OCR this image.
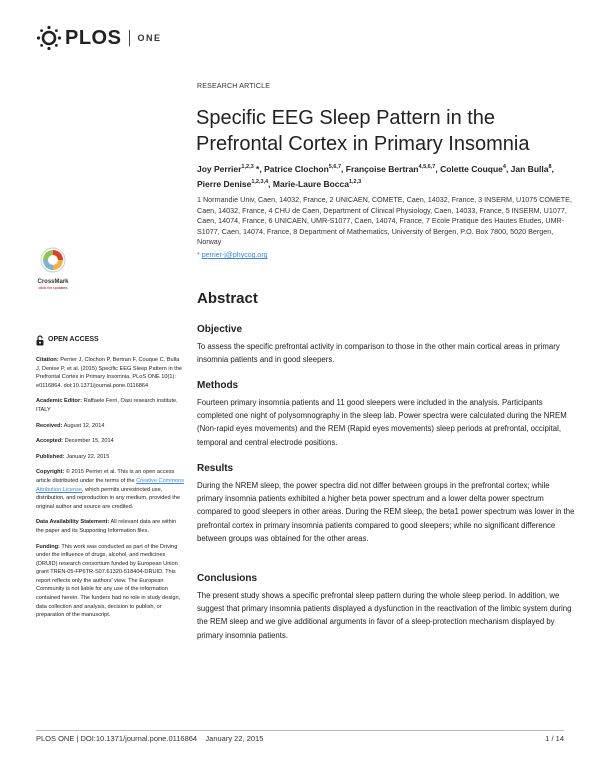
PLOS ONE
RESEARCH ARTICLE
Specific EEG Sleep Pattern in the Prefrontal Cortex in Primary Insomnia
Joy Perrier$^{1,2,3}$ *, Patrice Clochon$^{5,6,7}$, Françoise Bertran$^{4,5,6,7}$, Colette Couque$^4$, Jan Bulla$^8$, Pierre Denise$^{1,2,3,4}$, Marie-Laure Bocca$^{1,2,3}$
1 Normandie Univ, Caen, 14032, France, 2 UNICAEN, COMETE, Caen, 14032, France, 3 INSERM, U1075 COMETE, Caen, 14032, France, 4 CHU de Caen, Department of Clinical Physiology, Caen, 14033, France, 5 INSERM, U1077, Caen, 14074, France, 6 UNICAEN, UMR-S1077, Caen, 14074, France, 7 Ecole Pratique des Hautes Etudes, UMR-S1077, Caen, 14074, France, 8 Department of Mathematics, University of Bergen, P.O. Box 7800, 5020 Bergen, Norway
* perrier-j@phycog.org
CrossMark
click for updates
Abstract
Objective

To assess the specific prefrontal activity in comparison to those in the other main cortical areas in primary insomnia patients and in good sleepers.

Methods

Fourteen primary insomnia patients and 11 good sleepers were included in the analysis. Participants completed one night of polysomnography in the sleep lab. Power spectra were calculated during the NREM (Non-rapid eyes movements) and the REM (Rapid eyes movements) sleep periods at prefrontal, occipital, temporal and central electrode positions.

Results

During the NREM sleep, the power spectra did not differ between groups in the prefrontal cortex; while primary insomnia patients exhibited a higher beta power spectrum and a lower delta power spectrum compared to good sleepers in other areas. During the REM sleep, the beta1 power spectrum was lower in the prefrontal cortex in primary insomnia patients compared to good sleepers; while no significant difference between groups was obtained for the other areas.

Conclusions

The present study shows a specific prefrontal sleep pattern during the whole sleep period. In addition, we suggest that primary insomnia patients displayed a dysfunction in the reactivation of the limbic system during the REM sleep and we give additional arguments in favor of a sleep-protection mechanism displayed by primary insomnia patients.

OPEN ACCESS
Citation: Perrier J, Clochon P, Bertran F, Couque C, Bulla J, Denise P, et al. (2015) Specific EEG Sleep Pattern in the Prefrontal Cortex in Primary Insomnia. PLoS ONE 10(1): e0116864. doi:10.1371/journal.pone.0116864
Academic Editor: Raffaele Ferri, Oasi research institute, ITALY
Received: August 12, 2014
Accepted: December 15, 2014
Published: January 22, 2015
Copyright: © 2015 Perrier et al. This is an open access article distributed under the terms of the Creative Commons Attribution License, which permits unrestricted use, distribution, and reproduction in any medium, provided the original author and source are credited.
Data Availability Statement: All relevant data are within the paper and its Supporting Information files.
Funding: This work was conducted as part of the Driving under the influence of drugs, alcohol, and medicines (DRUID) research consortium funded by European Union grant TREN-05-FP6TR-S07.61320-518404-DRUID. This report reflects only the authors' view. The European Community is not liable for any use of the information contained herein. The funders had no role in study design, data collection and analysis, decision to publish, or preparation of the manuscript.
PLOS ONE | DOI:10.1371/journal.pone.0116864    January 22, 2015	1 / 14
